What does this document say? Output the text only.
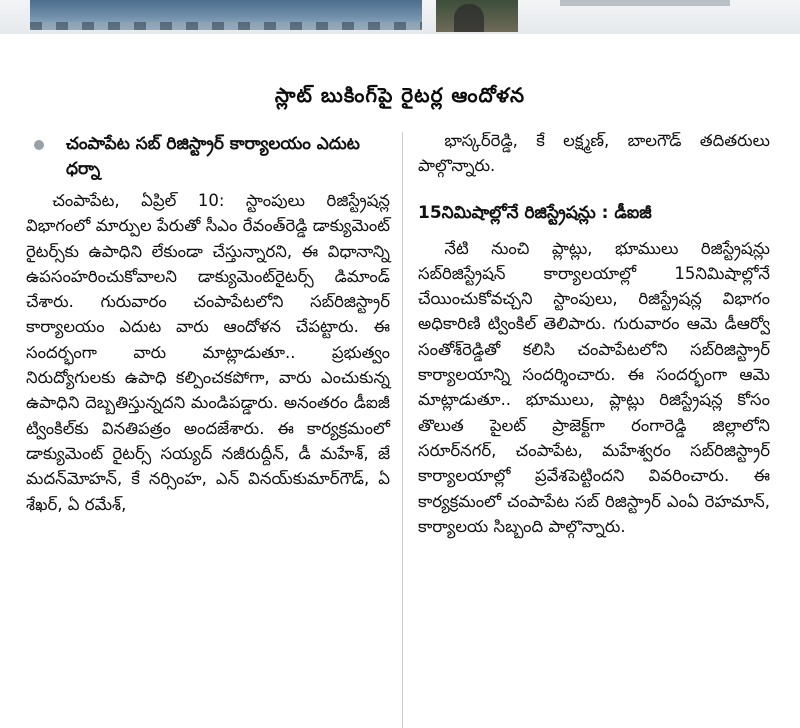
స్లాట్ బుకింగ్‌పై రైటర్ల ఆందోళన
చంపాపేట సబ్ రిజిస్ట్రార్ కార్యాలయం ఎదుట ధర్నా

చంపాపేట, ఏప్రిల్ 10: స్టాంపులు రిజిస్ట్రేషన్ల విభాగంలో మార్పుల పేరుతో సీఎం రేవంత్‌రెడ్డి డాక్యుమెంట్ రైటర్స్‌కు ఉపాధిని లేకుండా చేస్తున్నారని, ఈ విధానాన్ని ఉపసంహరించుకోవాలని డాక్యుమెంట్‌రైటర్స్ డిమాండ్ చేశారు. గురువారం చంపాపేటలోని సబ్‌రిజిస్ట్రార్ కార్యాలయం ఎదుట వారు ఆందోళన చేపట్టారు. ఈ సందర్భంగా వారు మాట్లాడుతూ.. ప్రభుత్వం నిరుద్యోగులకు ఉపాధి కల్పించకపోగా, వారు ఎంచుకున్న ఉపాధిని దెబ్బతిస్తున్నదని మండిపడ్డారు. అనంతరం డీఐజీ ట్వింకిల్‌కు వినతిపత్రం అందజేశారు. ఈ కార్యక్రమంలో డాక్యుమెంట్ రైటర్స్ సయ్యద్ నజీరుద్దీన్, డీ మహేశ్, జే మదన్‌మోహన్, కే నర్సింహ, ఎన్ వినయ్‌కుమార్‌గౌడ్, ఏ శేఖర్, ఏ రమేశ్,

భాస్కర్‌రెడ్డి, కే లక్ష్మణ్, బాలగౌడ్ తదితరులు పాల్గొన్నారు.

15నిమిషాల్లోనే రిజిస్ట్రేషన్లు : డీఐజీ

నేటి నుంచి ప్లాట్లు, భూములు రిజిస్ట్రేషన్లు సబ్‌రిజిస్ట్రేషన్ కార్యాలయాల్లో 15నిమిషాల్లోనే చేయించుకోవచ్చని స్టాంపులు, రిజిస్ట్రేషన్ల విభాగం అధికారిణి ట్వింకిల్ తెలిపారు. గురువారం ఆమె డీఆర్వో సంతోశ్‌రెడ్డితో కలిసి చంపాపేటలోని సబ్‌రిజిస్ట్రార్ కార్యాలయాన్ని సందర్శించారు. ఈ సందర్భంగా ఆమె మాట్లాడుతూ.. భూములు, ప్లాట్లు రిజిస్ట్రేషన్ల కోసం తొలుత పైలట్ ప్రాజెక్ట్‌గా రంగారెడ్డి జిల్లాలోని సరూర్‌నగర్, చంపాపేట, మహేశ్వరం సబ్‌రిజిస్ట్రార్ కార్యాలయాల్లో ప్రవేశపెట్టిందని వివరించారు. ఈ కార్యక్రమంలో చంపాపేట సబ్ రిజిస్ట్రార్ ఎంఏ రెహమాన్, కార్యాలయ సిబ్బంది పాల్గొన్నారు.
